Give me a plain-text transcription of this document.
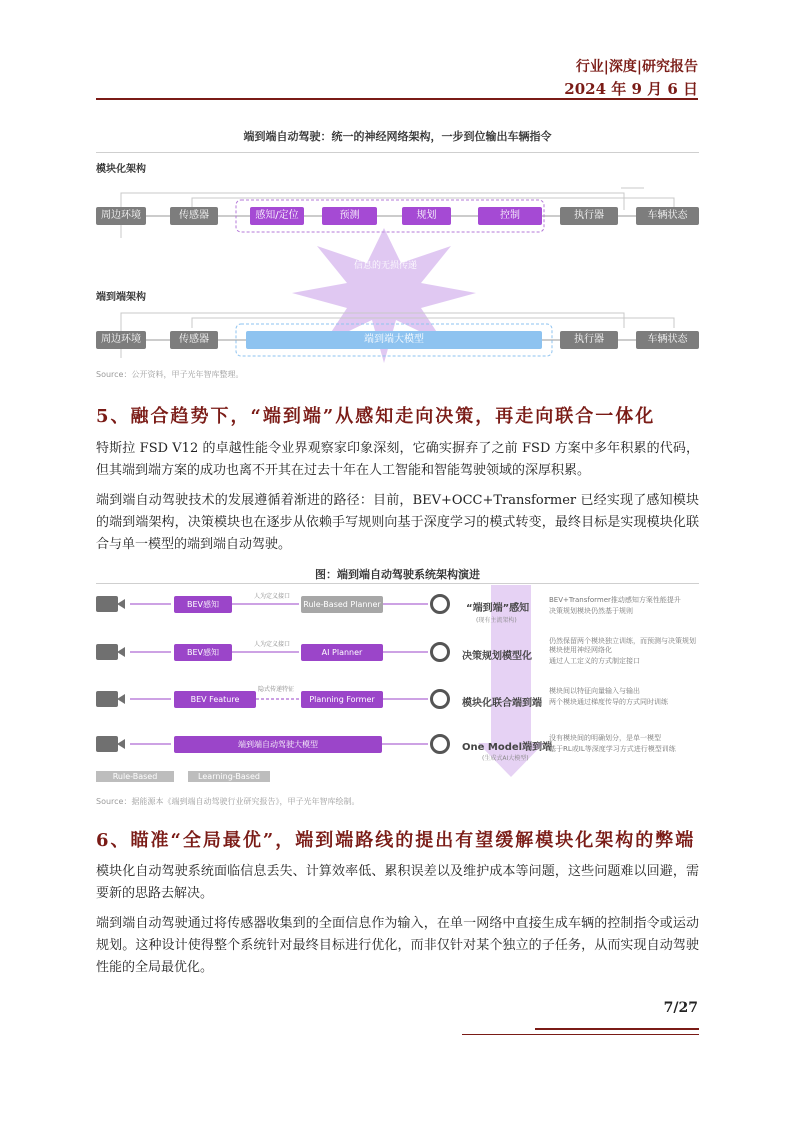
行业|深度|研究报告
2024 年 9 月 6 日
端到端自动驾驶：统一的神经网络架构，一步到位输出车辆指令
模块化架构
周边环境	传感器	感知/定位	预测	规划	控制	执行器	车辆状态
信息的无损传递
端到端架构
周边环境	传感器	端到端大模型	执行器	车辆状态
Source：公开资料，甲子光年智库整理。
5、融合趋势下，“端到端”从感知走向决策，再走向联合一体化
特斯拉 FSD V12 的卓越性能令业界观察家印象深刻，它确实摒弃了之前 FSD 方案中多年积累的代码，但其端到端方案的成功也离不开其在过去十年在人工智能和智能驾驶领域的深厚积累。
端到端自动驾驶技术的发展遵循着渐进的路径：目前，BEV+OCC+Transformer 已经实现了感知模块的端到端架构，决策模块也在逐步从依赖手写规则向基于深度学习的模式转变，最终目标是实现模块化联合与单一模型的端到端自动驾驶。
图：端到端自动驾驶系统架构演进
BEV感知
人为定义接口
Rule-Based Planner	“端到端”感知
(现有主流架构)
BEV+Transformer推动感知方案性能提升
决策规划模块仍然基于规则
BEV感知
人为定义接口
AI Planner	决策规划模型化
仍然保留两个模块独立训练，而预测与决策规划模块使用神经网络化
通过人工定义的方式制定接口
BEV Feature
隐式传递特征
Planning Former	模块化联合端到端
模块间以特征向量输入与输出
两个模块通过梯度传导的方式同时训练
端到端自动驾驶大模型	One Model端到端
(生成式AI大模型)
没有模块间的明确划分，是单一模型
基于RL或IL等深度学习方式进行模型训练
Rule-Based	Learning-Based
Source：据能源本《端到端自动驾驶行业研究报告》，甲子光年智库绘制。
6、瞄准“全局最优”，端到端路线的提出有望缓解模块化架构的弊端
模块化自动驾驶系统面临信息丢失、计算效率低、累积误差以及维护成本等问题，这些问题难以回避，需要新的思路去解决。
端到端自动驾驶通过将传感器收集到的全面信息作为输入，在单一网络中直接生成车辆的控制指令或运动规划。这种设计使得整个系统针对最终目标进行优化，而非仅针对某个独立的子任务，从而实现自动驾驶性能的全局最优化。
7/27
